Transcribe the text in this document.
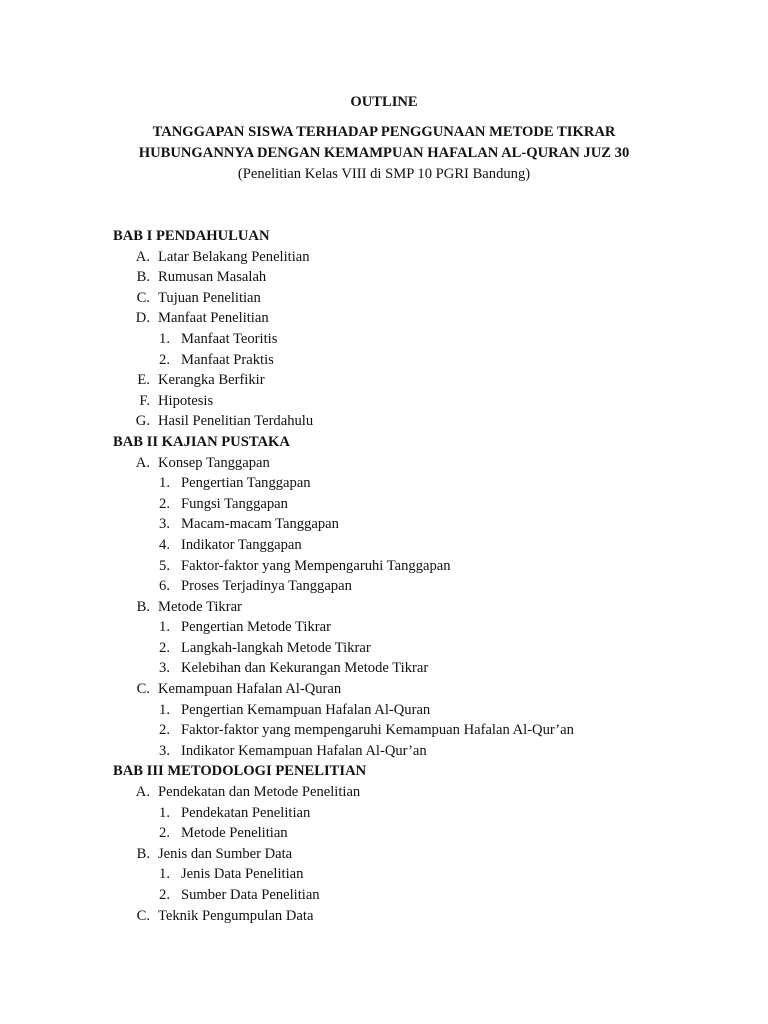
OUTLINE
TANGGAPAN SISWA TERHADAP PENGGUNAAN METODE TIKRAR
HUBUNGANNYA DENGAN KEMAMPUAN HAFALAN AL-QURAN JUZ 30
(Penelitian Kelas VIII di SMP 10 PGRI Bandung)
BAB I PENDAHULUAN
A. Latar Belakang Penelitian
B. Rumusan Masalah
C. Tujuan Penelitian
D. Manfaat Penelitian
1. Manfaat Teoritis
2. Manfaat Praktis
E. Kerangka Berfikir
F. Hipotesis
G. Hasil Penelitian Terdahulu
BAB II KAJIAN PUSTAKA
A. Konsep Tanggapan
1. Pengertian Tanggapan
2. Fungsi Tanggapan
3. Macam-macam Tanggapan
4. Indikator Tanggapan
5. Faktor-faktor yang Mempengaruhi Tanggapan
6. Proses Terjadinya Tanggapan
B. Metode Tikrar
1. Pengertian Metode Tikrar
2. Langkah-langkah Metode Tikrar
3. Kelebihan dan Kekurangan Metode Tikrar
C. Kemampuan Hafalan Al-Quran
1. Pengertian Kemampuan Hafalan Al-Quran
2. Faktor-faktor yang mempengaruhi Kemampuan Hafalan Al-Qur’an
3. Indikator Kemampuan Hafalan Al-Qur’an
BAB III METODOLOGI PENELITIAN
A. Pendekatan dan Metode Penelitian
1. Pendekatan Penelitian
2. Metode Penelitian
B. Jenis dan Sumber Data
1. Jenis Data Penelitian
2. Sumber Data Penelitian
C. Teknik Pengumpulan Data
